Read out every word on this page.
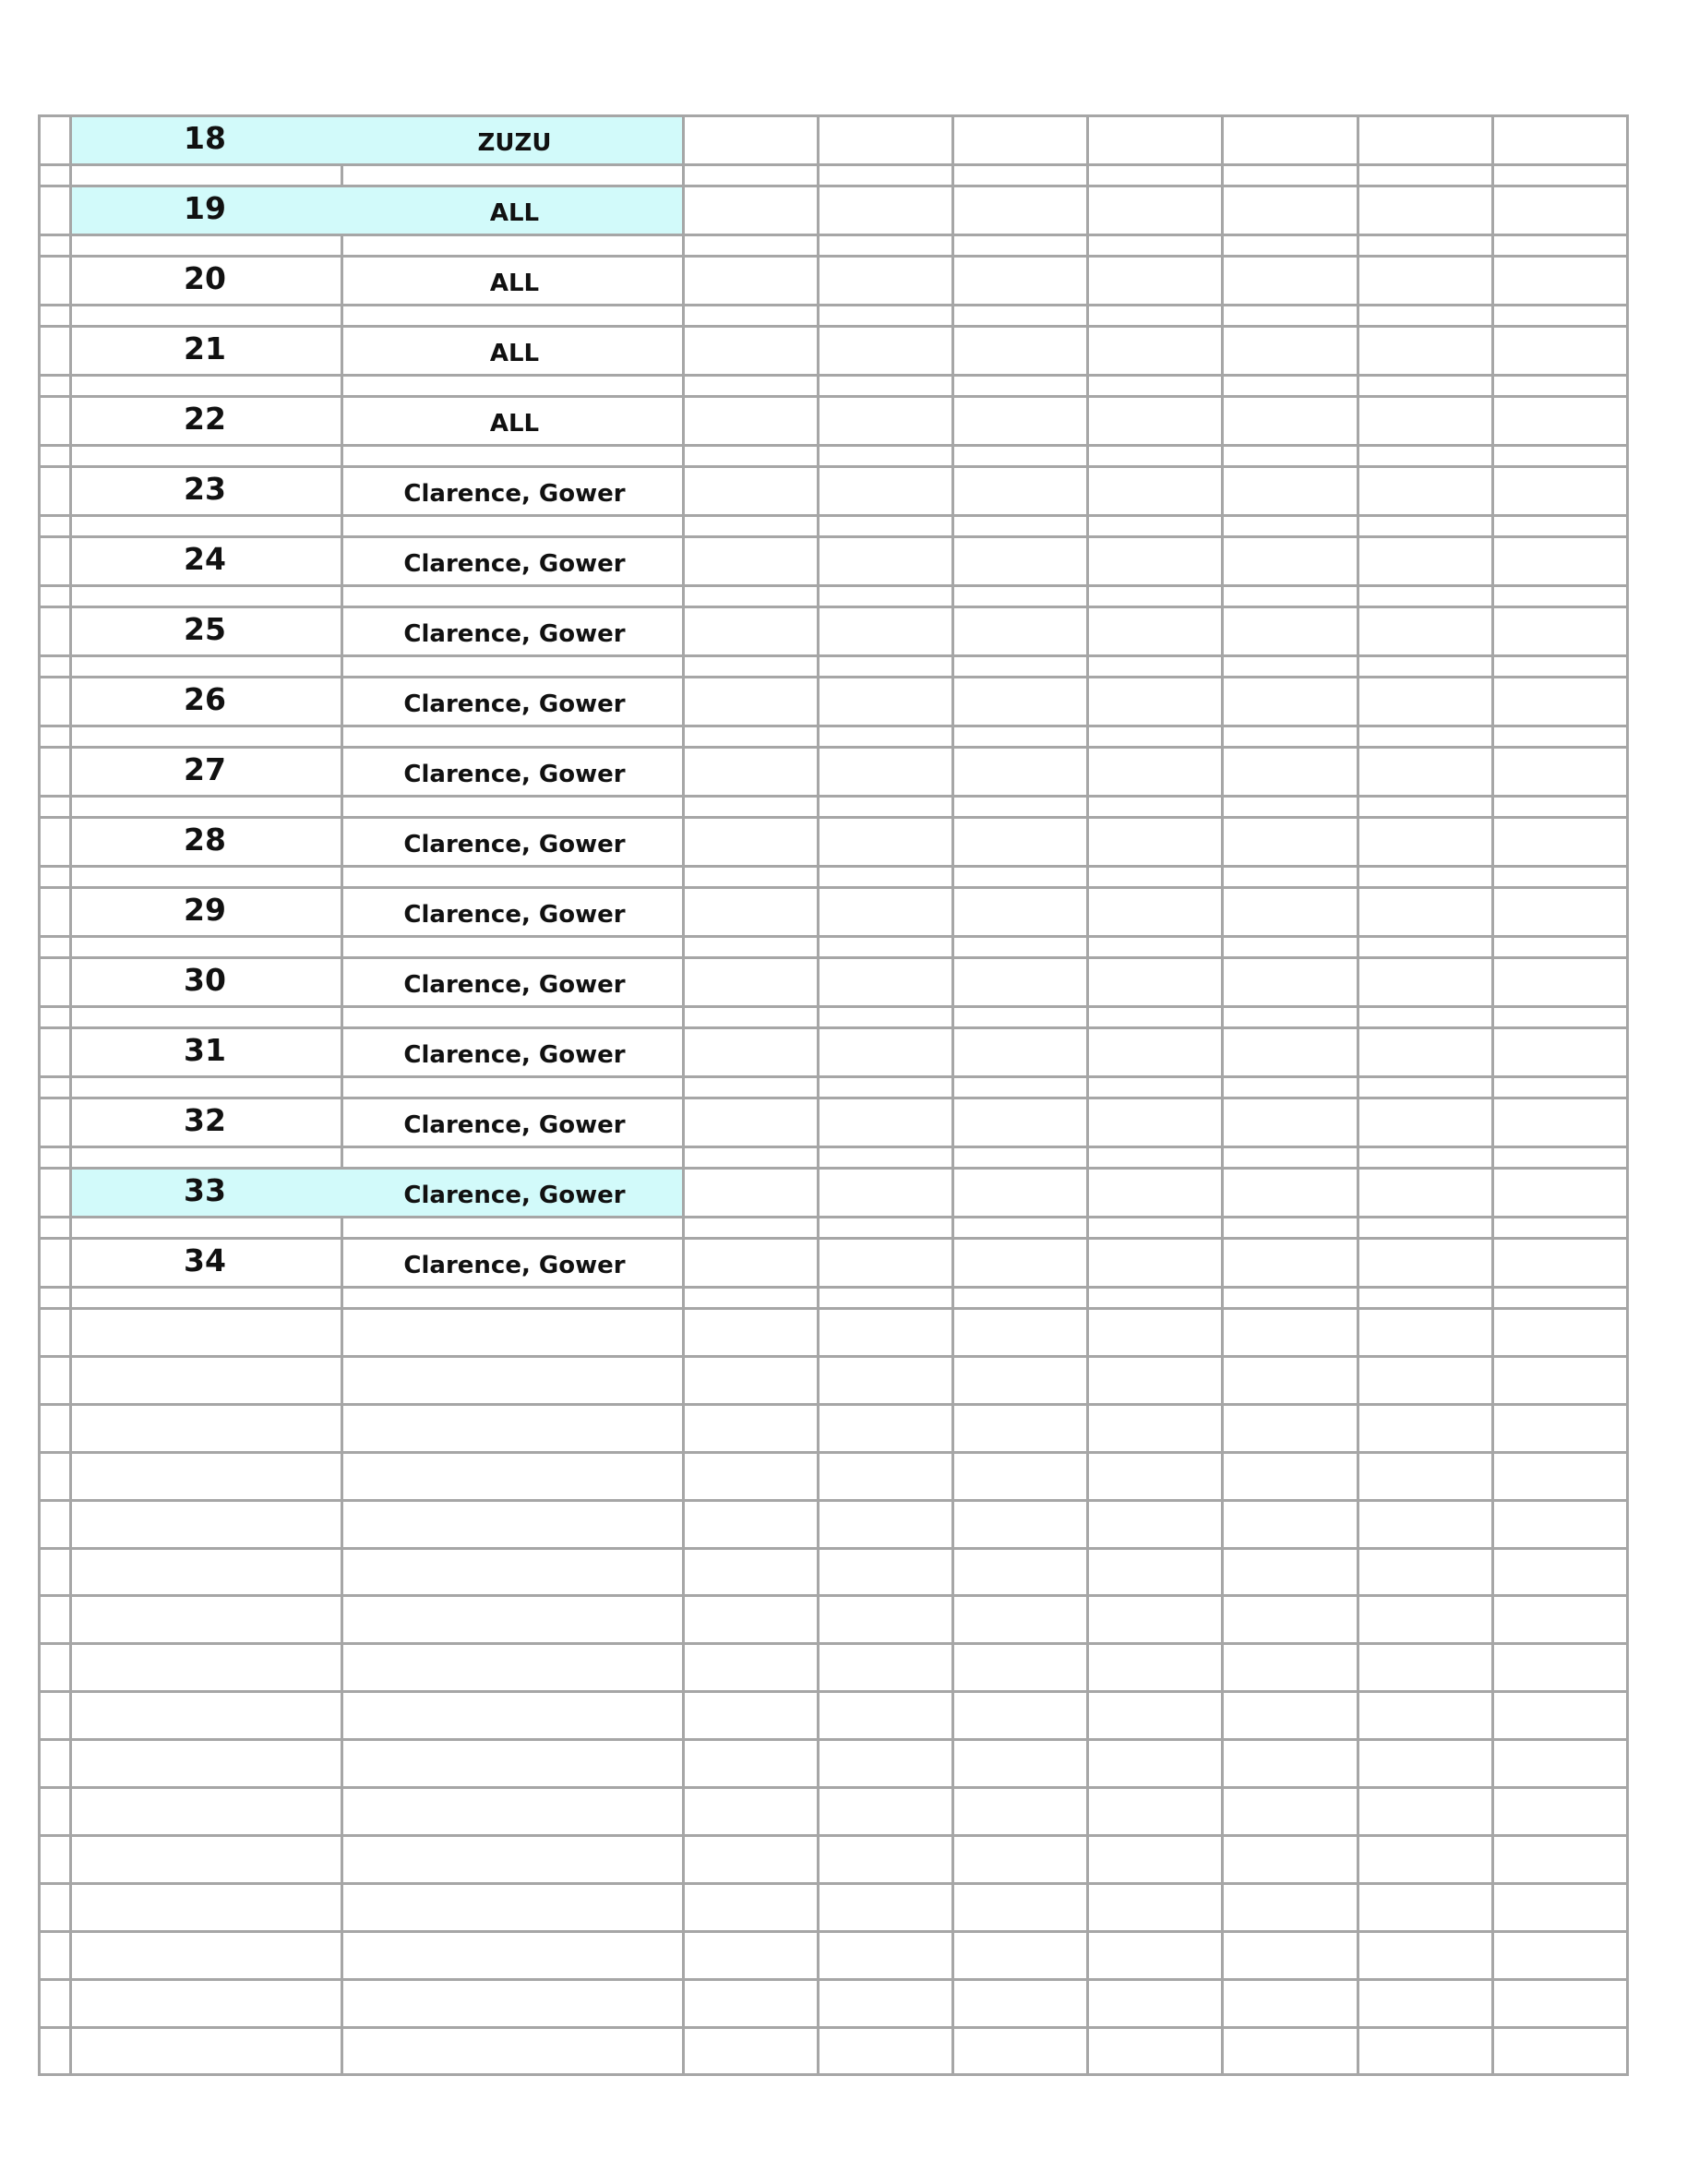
18	ZUZU
19	ALL
20	ALL
21	ALL
22	ALL
23	Clarence, Gower
24	Clarence, Gower
25	Clarence, Gower
26	Clarence, Gower
27	Clarence, Gower
28	Clarence, Gower
29	Clarence, Gower
30	Clarence, Gower
31	Clarence, Gower
32	Clarence, Gower
33	Clarence, Gower
34	Clarence, Gower
